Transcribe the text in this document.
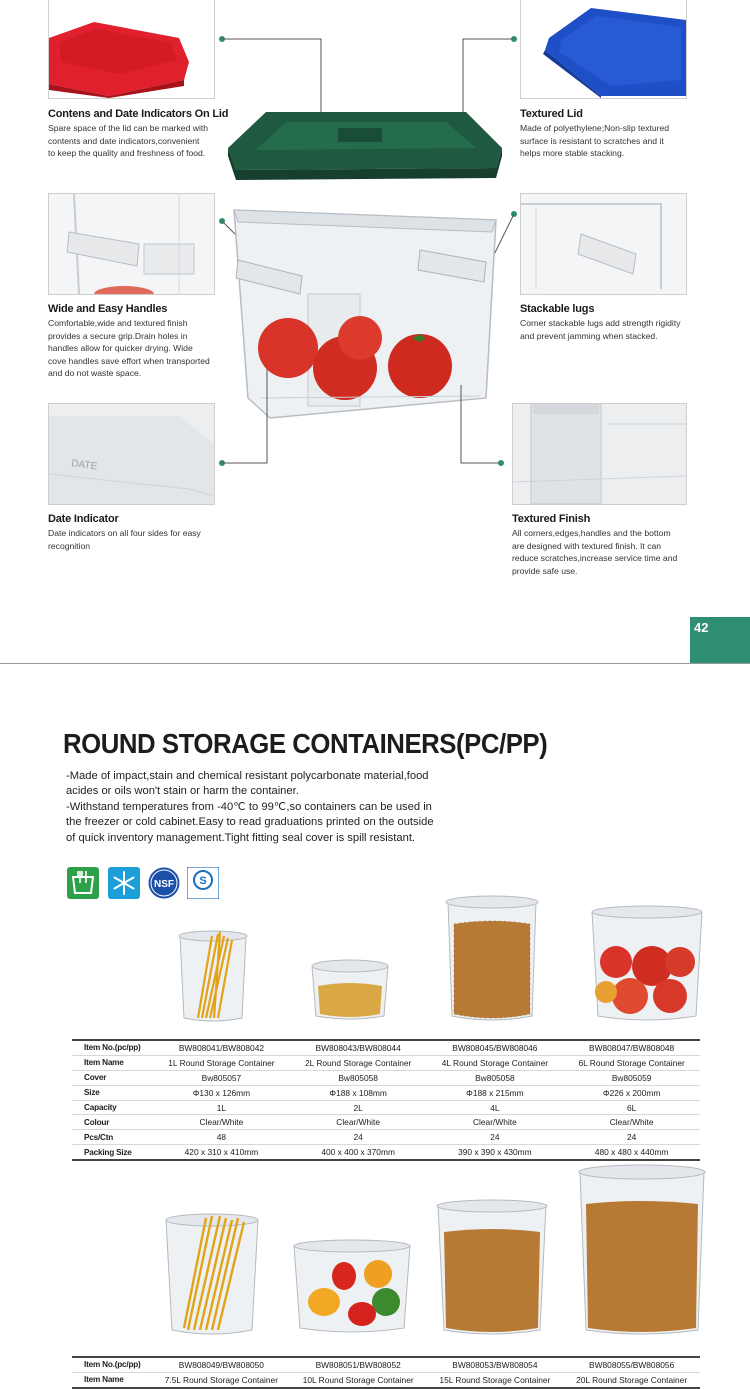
Contens and Date Indicators On Lid
Spare space of the lid can be marked with
contents and date indicators,convenient
to keep the quality and freshness of food.
Textured Lid
Made of polyethylene;Non-slip textured
surface is resistant to scratches and it
helps more stable stacking.
Wide and Easy Handles
Comfortable,wide and textured finish
provides a secure grip.Drain holes in
handles allow for quicker drying. Wide
cove handles save effort when transported
and do not waste space.
Stackable lugs
Corner stackable lugs add strength rigidity
and prevent jamming when stacked.
DATE
Date Indicator
Date indicators on all four sides for easy
recognition
Textured Finish
All corners,edges,handles and the bottom
are designed with textured finish. It can
reduce scratches,increase service time and
provide safe use.
42
ROUND STORAGE CONTAINERS(PC/PP)
-Made of impact,stain and chemical resistant polycarbonate material,food
acides or oils won't stain or harm the container.
-Withstand temperatures from -40℃ to 99℃,so containers can be used in
the freezer or cold cabinet.Easy to read graduations printed on the outside
of quick inventory management.Tight fitting seal cover is spill resistant.
NSF S
Item No.(pc/pp)	BW808041/BW808042	BW808043/BW808044	BW808045/BW808046	BW808047/BW808048
Item Name	1L Round Storage Container	2L Round Storage Container	4L Round Storage Container	6L Round Storage Container
Cover	Bw805057	Bw805058	Bw805058	Bw805059
Size	Φ130 x 126mm	Φ188 x 108mm	Φ188 x 215mm	Φ226 x 200mm
Capacity	1L	2L	4L	6L
Colour	Clear/White	Clear/White	Clear/White	Clear/White
Pcs/Ctn	48	24	24	24
Packing Size	420 x 310 x 410mm	400 x 400 x 370mm	390 x 390 x 430mm	480 x 480 x 440mm
Item No.(pc/pp)	BW808049/BW808050	BW808051/BW808052	BW808053/BW808054	BW808055/BW808056
Item Name	7.5L Round Storage Container	10L Round Storage Container	15L Round Storage Container	20L Round Storage Container
